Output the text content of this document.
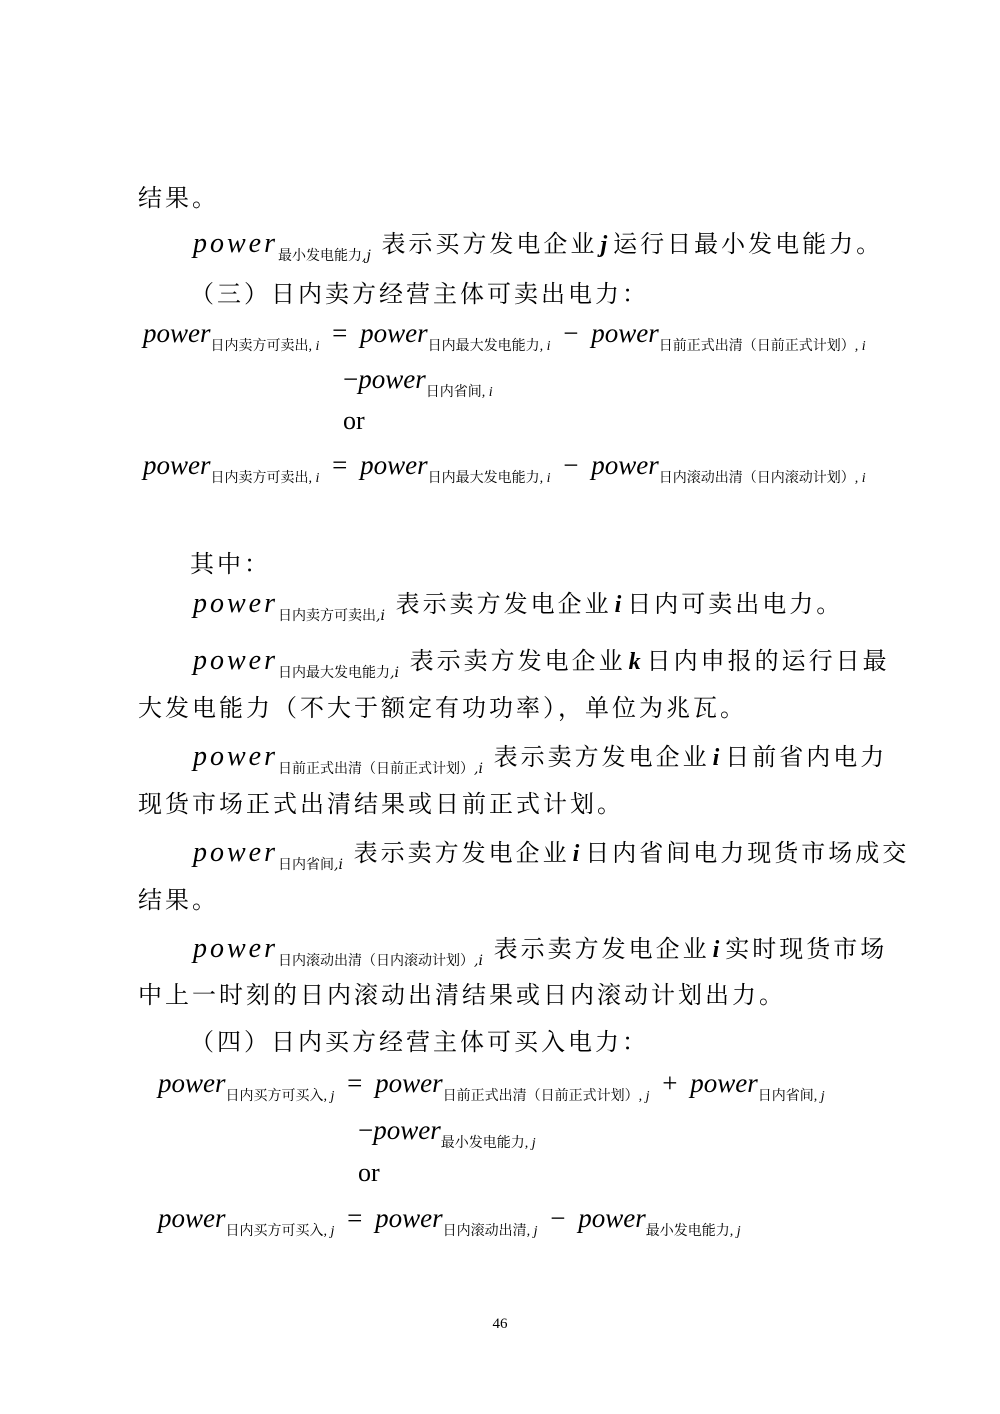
结果。
power$_{最小发电能力,j}$ 表示买方发电企业 j 运行日最小发电能力。
（三）日内卖方经营主体可卖出电力：
power$_{日内卖方可卖出, i}$ = power$_{日内最大发电能力, i}$ − power$_{日前正式出清(日前正式计划), i}$
−power$_{日内省间, i}$
or
power$_{日内卖方可卖出, i}$ = power$_{日内最大发电能力, i}$ − power$_{日内滚动出清(日内滚动计划), i}$
其中：
power$_{日内卖方可卖出,i}$ 表示卖方发电企业 i 日内可卖出电力。
power$_{日内最大发电能力,i}$ 表示卖方发电企业 k 日内申报的运行日最
大发电能力（不大于额定有功功率），单位为兆瓦。
power$_{日前正式出清(日前正式计划),i}$ 表示卖方发电企业 i 日前省内电力
现货市场正式出清结果或日前正式计划。
power$_{日内省间,i}$ 表示卖方发电企业 i 日内省间电力现货市场成交
结果。
power$_{日内滚动出清(日内滚动计划),i}$ 表示卖方发电企业 i 实时现货市场
中上一时刻的日内滚动出清结果或日内滚动计划出力。
（四）日内买方经营主体可买入电力：
power$_{日内买方可买入, j}$ = power$_{日前正式出清(日前正式计划), j}$ + power$_{日内省间, j}$
−power$_{最小发电能力, j}$
or
power$_{日内买方可买入, j}$ = power$_{日内滚动出清, j}$ − power$_{最小发电能力, j}$
46
